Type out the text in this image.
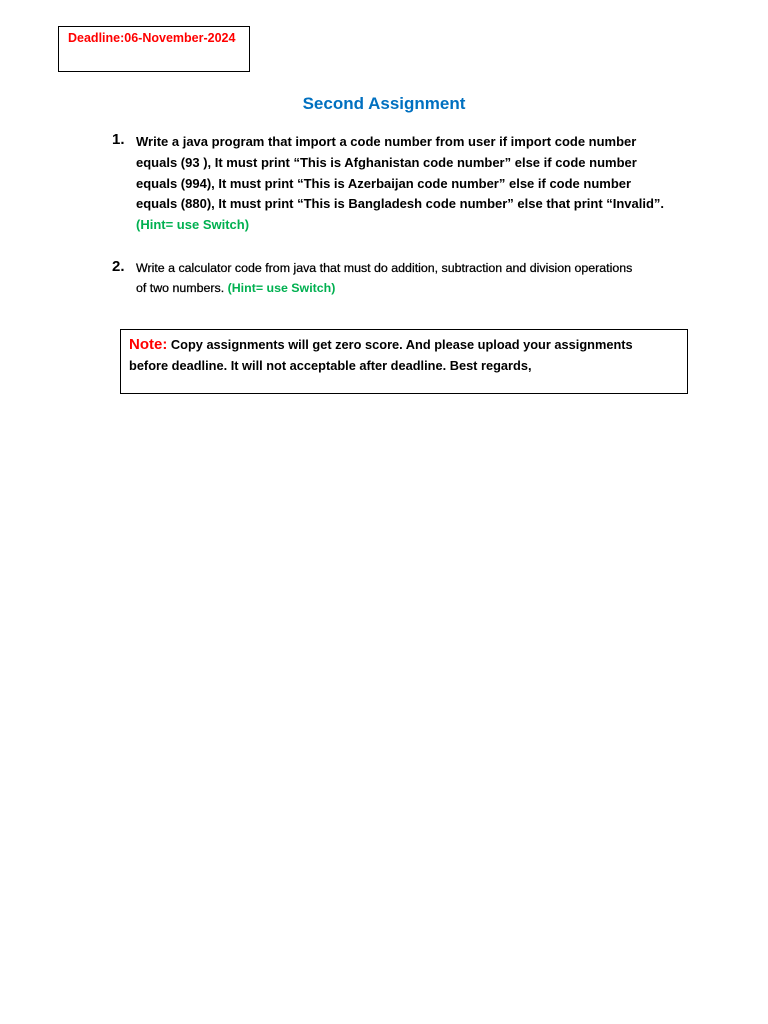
Deadline:06-November-2024
Second Assignment
1. Write a java program that import a code number from user if import code number
equals (93 ), It must print “This is Afghanistan code number” else if code number
equals (994), It must print “This is Azerbaijan code number” else if code number
equals (880), It must print “This is Bangladesh code number” else that print “Invalid”.
(Hint= use Switch)
2. Write a calculator code from java that must do addition, subtraction and division operations
of two numbers. (Hint= use Switch)
Note: Copy assignments will get zero score. And please upload your assignments
before deadline. It will not acceptable after deadline. Best regards,
